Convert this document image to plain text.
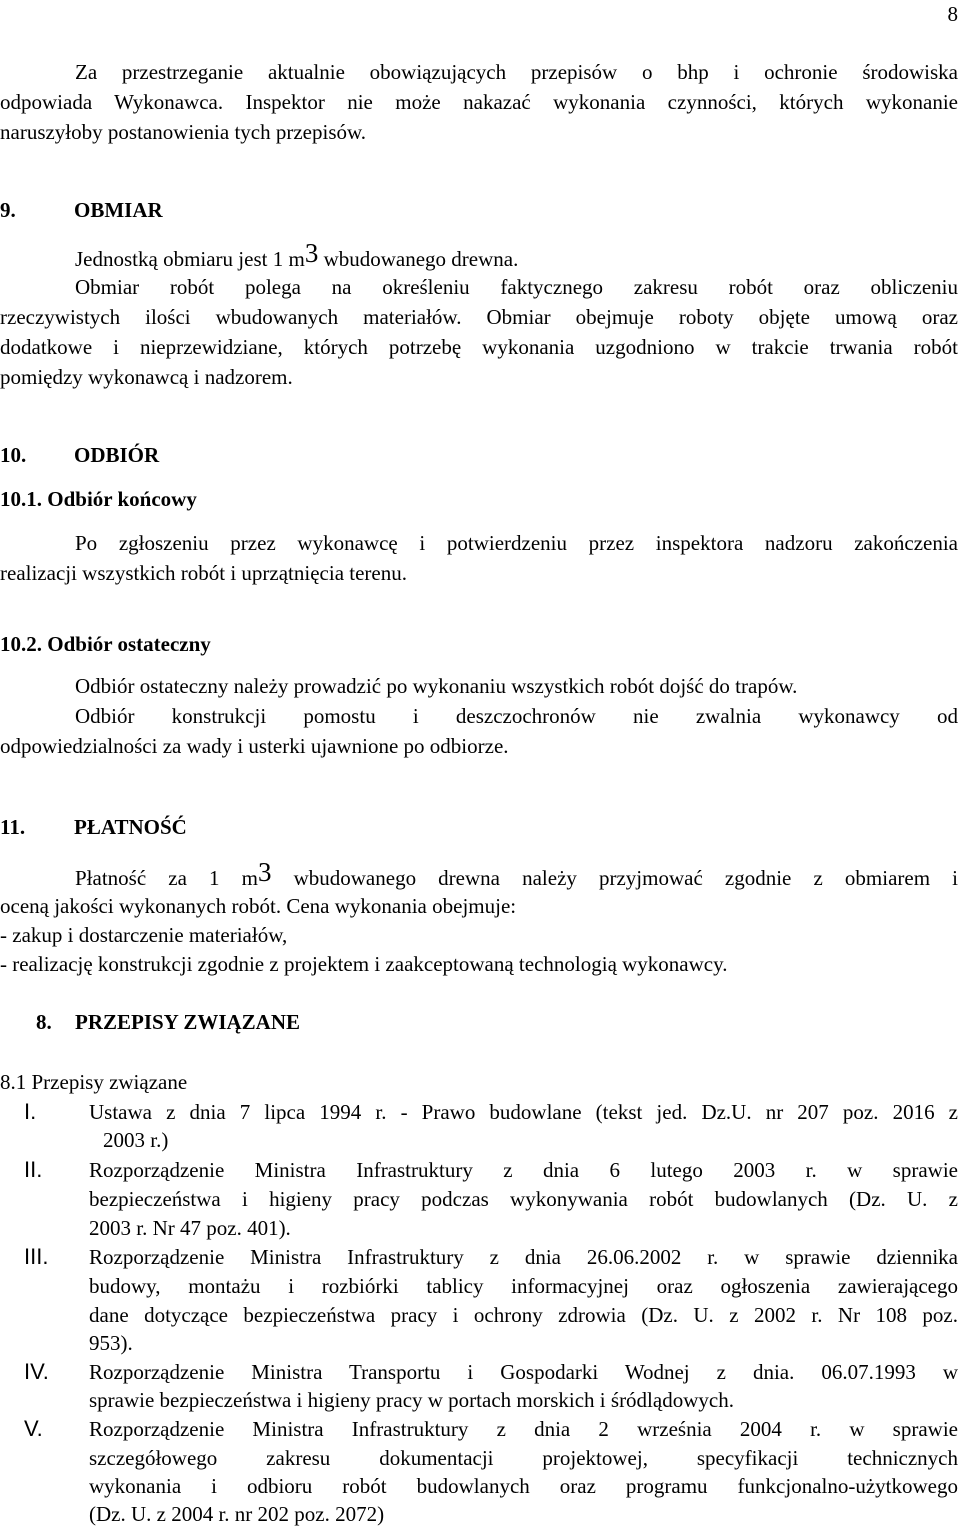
8
Za przestrzeganie aktualnie obowiązujących przepisów o bhp i ochronie środowiska
odpowiada Wykonawca. Inspektor nie może nakazać wykonania czynności, których wykonanie
naruszyłoby postanowienia tych przepisów.
9.	OBMIAR
Jednostką obmiaru jest 1 m3 wbudowanego drewna.
Obmiar robót polega na określeniu faktycznego zakresu robót oraz obliczeniu
rzeczywistych ilości wbudowanych materiałów. Obmiar obejmuje roboty objęte umową oraz
dodatkowe i nieprzewidziane, których potrzebę wykonania uzgodniono w trakcie trwania robót
pomiędzy wykonawcą i nadzorem.
10. ODBIÓR
10.1. Odbiór końcowy
Po zgłoszeniu przez wykonawcę i potwierdzeniu przez inspektora nadzoru zakończenia
realizacji wszystkich robót i uprzątnięcia terenu.
10.2. Odbiór ostateczny
Odbiór ostateczny należy prowadzić po wykonaniu wszystkich robót dojść do trapów.
Odbiór konstrukcji pomostu i deszczochronów nie zwalnia wykonawcy od
odpowiedzialności za wady i usterki ujawnione po odbiorze.
11. PŁATNOŚĆ
Płatność za 1 m3 wbudowanego drewna należy przyjmować zgodnie z obmiarem i
oceną jakości wykonanych robót. Cena wykonania obejmuje:
- zakup i dostarczenie materiałów,
- realizację konstrukcji zgodnie z projektem i zaakceptowaną technologią wykonawcy.
8. PRZEPISY ZWIĄZANE
8.1 Przepisy związane
I.	Ustawa z dnia 7 lipca 1994 r. - Prawo budowlane (tekst jed. Dz.U. nr 207 poz. 2016 z
2003 r.)
II. Rozporządzenie Ministra Infrastruktury z dnia 6 lutego 2003 r. w sprawie
bezpieczeństwa i higieny pracy podczas wykonywania robót budowlanych (Dz. U. z
2003 r. Nr 47 poz. 401).
III. Rozporządzenie Ministra Infrastruktury z dnia 26.06.2002 r. w sprawie dziennika
budowy, montażu i rozbiórki tablicy informacyjnej oraz ogłoszenia zawierającego
dane dotyczące bezpieczeństwa pracy i ochrony zdrowia (Dz. U. z 2002 r. Nr 108 poz.
953).
IV. Rozporządzenie Ministra Transportu i Gospodarki Wodnej z dnia. 06.07.1993 w
sprawie bezpieczeństwa i higieny pracy w portach morskich i śródlądowych.
V. Rozporządzenie Ministra Infrastruktury z dnia 2 września 2004 r. w sprawie
szczegółowego zakresu dokumentacji projektowej, specyfikacji technicznych
wykonania i odbioru robót budowlanych oraz programu funkcjonalno-użytkowego
(Dz. U. z 2004 r. nr 202 poz. 2072)
